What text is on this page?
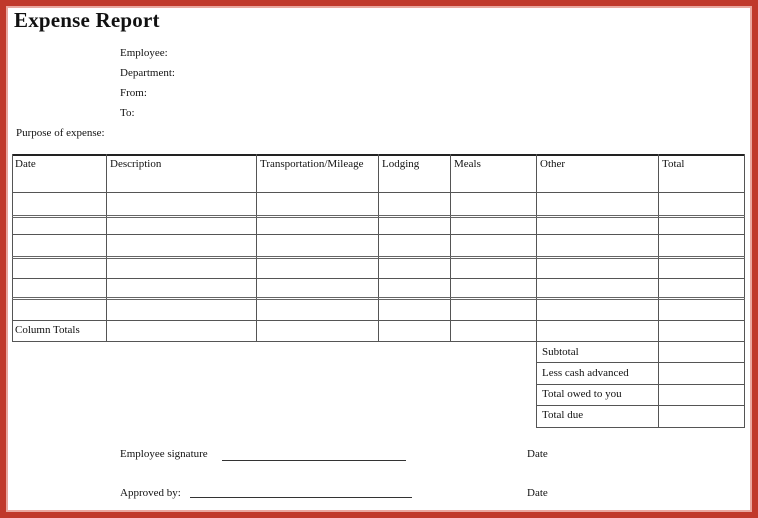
Expense Report
Employee:
Department:
From:
To:
Purpose of expense:
Date	Description	Transportation/Mileage	Lodging	Meals	Other	Total
Column Totals
Subtotal
Less cash advanced
Total owed to you
Total due
Employee signature	Date
Approved by:	Date
